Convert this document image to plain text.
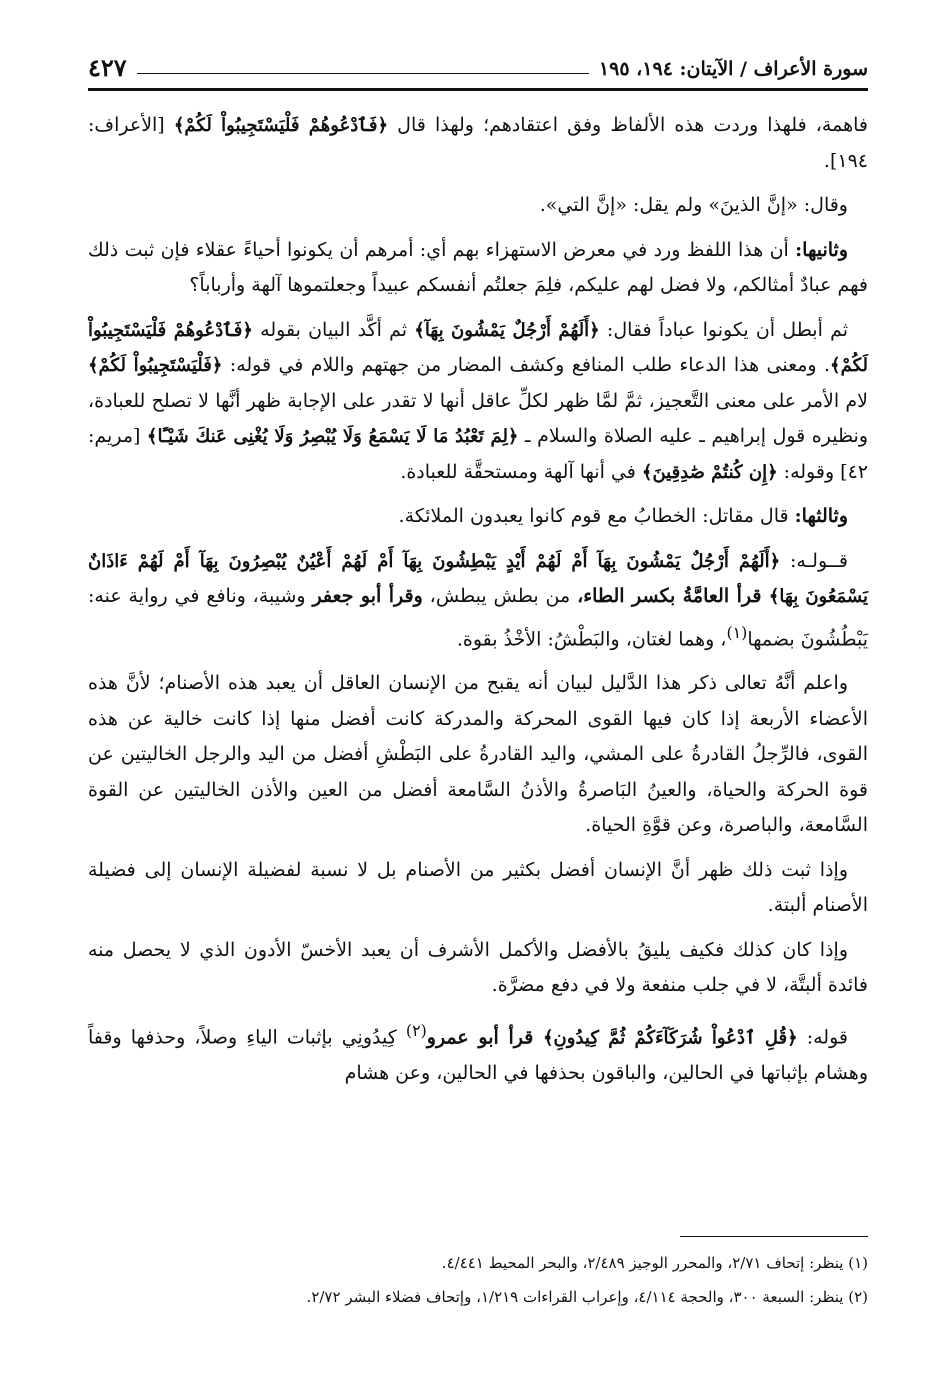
سورة الأعراف / الآيتان: ١٩٤، ١٩٥
٤٢٧

فاهمة، فلهذا وردت هذه الألفاظ وفق اعتقادهم؛ ولهذا قال ﴿فَٱدْعُوهُمْ فَلْيَسْتَجِيبُواْ لَكُمْ﴾ [الأعراف: ١٩٤].

وقال: «إنَّ الذينَ» ولم يقل: «إنَّ التي».

وثانيها: أن هذا اللفظ ورد في معرض الاستهزاء بهم أي: أمرهم أن يكونوا أحياءً عقلاء فإن ثبت ذلك فهم عبادٌ أمثالكم، ولا فضل لهم عليكم، فلِمَ جعلتُم أنفسكم عبيداً وجعلتموها آلهة وأرباباً؟

ثم أبطل أن يكونوا عباداً فقال: ﴿أَلَهُمْ أَرْجُلٌ يَمْشُونَ بِهَآ﴾ ثم أكَّد البيان بقوله ﴿فَٱدْعُوهُمْ فَلْيَسْتَجِيبُواْ لَكُمْ﴾. ومعنى هذا الدعاء طلب المنافع وكشف المضار من جهتهم واللام في قوله: ﴿فَلْيَسْتَجِيبُواْ لَكُمْ﴾ لام الأمر على معنى التَّعجيز، ثمَّ لمَّا ظهر لكلِّ عاقل أنها لا تقدر على الإجابة ظهر أنَّها لا تصلح للعبادة، ونظيره قول إبراهيم ـ عليه الصلاة والسلام ـ ﴿لِمَ تَعْبُدُ مَا لَا يَسْمَعُ وَلَا يُبْصِرُ وَلَا يُغْنِى عَنكَ شَيْـًٔا﴾ [مريم: ٤٢] وقوله: ﴿إِن كُنتُمْ صَٰدِقِينَ﴾ في أنها آلهة ومستحقَّة للعبادة.

وثالثها: قال مقاتل: الخطابُ مع قوم كانوا يعبدون الملائكة.

قــولـه: ﴿أَلَهُمْ أَرْجُلٌ يَمْشُونَ بِهَآ أَمْ لَهُمْ أَيْدٍ يَبْطِشُونَ بِهَآ أَمْ لَهُمْ أَعْيُنٌ يُبْصِرُونَ بِهَآ أَمْ لَهُمْ ءَاذَانٌ يَسْمَعُونَ بِهَا﴾ قرأ العامَّةُ بكسر الطاء، من بطش يبطش، وقرأ أبو جعفر وشيبة، ونافع في رواية عنه: يَبْطُشُونَ بضمها$^{(١)}$، وهما لغتان، والبَطْشُ: الأخْذُ بقوة.

واعلم أنَّهُ تعالى ذكر هذا الدَّليل لبيان أنه يقبح من الإنسان العاقل أن يعبد هذه الأصنام؛ لأنَّ هذه الأعضاء الأربعة إذا كان فيها القوى المحركة والمدركة كانت أفضل منها إذا كانت خالية عن هذه القوى، فالرِّجلُ القادرةُ على المشي، واليد القادرةُ على البَطْشِ أفضل من اليد والرجل الخاليتين عن قوة الحركة والحياة، والعينُ البَاصرةُ والأذنُ السَّامعة أفضل من العين والأذن الخاليتين عن القوة السَّامعة، والباصرة، وعن قوَّةِ الحياة.

وإذا ثبت ذلك ظهر أنَّ الإنسان أفضل بكثير من الأصنام بل لا نسبة لفضيلة الإنسان إلى فضيلة الأصنام ألبتة.

وإذا كان كذلك فكيف يليقُ بالأفضل والأكمل الأشرف أن يعبد الأخسّ الأدون الذي لا يحصل منه فائدة ألبتَّة، لا في جلب منفعة ولا في دفع مضرَّة.

قوله: ﴿قُلِ ٱدْعُواْ شُرَكَآءَكُمْ ثُمَّ كِيدُونِ﴾ قرأ أبو عمرو$^{(٢)}$ كِيدُونِي بإثبات الياءِ وصلاً، وحذفها وقفاً وهشام بإثباتها في الحالين، والباقون بحذفها في الحالين، وعن هشام

(١) ينظر: إتحاف ٢/٧١، والمحرر الوجيز ٢/٤٨٩، والبحر المحيط ٤/٤٤١.
(٢) ينظر: السبعة ٣٠٠، والحجة ٤/١١٤، وإعراب القراءات ١/٢١٩، وإتحاف فضلاء البشر ٢/٧٢.
